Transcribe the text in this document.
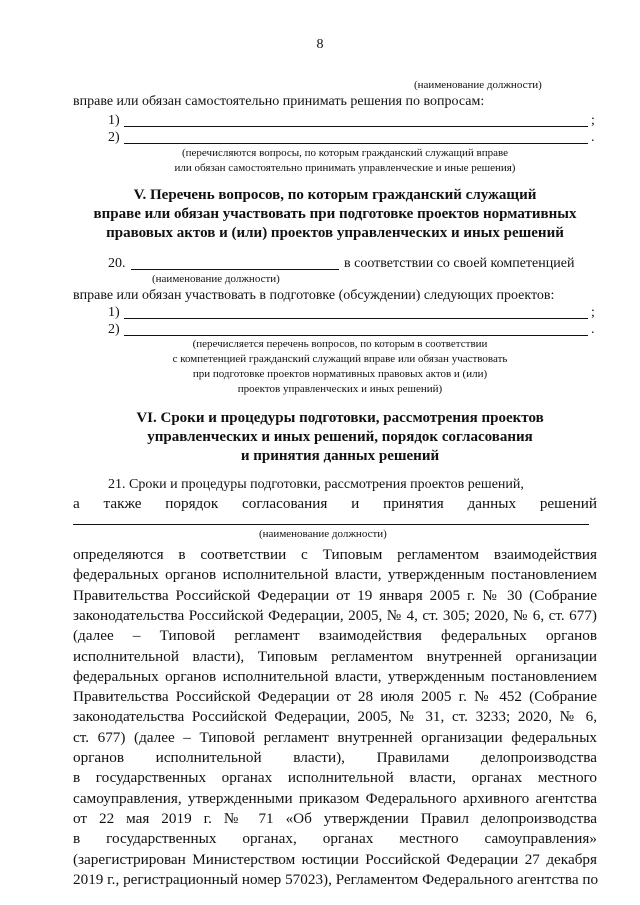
8
(наименование должности)
вправе или обязан самостоятельно принимать решения по вопросам:
1)	;
2)	.
(перечисляются вопросы, по которым гражданский служащий вправе
или обязан самостоятельно принимать управленческие и иные решения)
V. Перечень вопросов, по которым гражданский служащий
вправе или обязан участвовать при подготовке проектов нормативных
правовых актов и (или) проектов управленческих и иных решений
20.	в соответствии со своей компетенцией
(наименование должности)
вправе или обязан участвовать в подготовке (обсуждении) следующих проектов:
1)	;
2)	.
(перечисляется перечень вопросов, по которым в соответствии
с компетенцией гражданский служащий вправе или обязан участвовать
при подготовке проектов нормативных правовых актов и (или)
проектов управленческих и иных решений)
VI. Сроки и процедуры подготовки, рассмотрения проектов
управленческих и иных решений, порядок согласования
и принятия данных решений
21. Сроки и процедуры подготовки, рассмотрения проектов решений,
а также порядок согласования и принятия данных решений
(наименование должности)
определяются в соответствии с Типовым регламентом взаимодействия
федеральных органов исполнительной власти, утвержденным постановлением
Правительства Российской Федерации от 19 января 2005 г. № 30 (Собрание
законодательства Российской Федерации, 2005, № 4, ст. 305; 2020, № 6, ст. 677)
(далее – Типовой регламент взаимодействия федеральных органов
исполнительной власти), Типовым регламентом внутренней организации
федеральных органов исполнительной власти, утвержденным постановлением
Правительства Российской Федерации от 28 июля 2005 г. № 452 (Собрание
законодательства Российской Федерации, 2005, № 31, ст. 3233; 2020, № 6,
ст. 677) (далее – Типовой регламент внутренней организации федеральных
органов исполнительной власти), Правилами делопроизводства
в государственных органах исполнительной власти, органах местного
самоуправления, утвержденными приказом Федерального архивного агентства
от 22 мая 2019 г. № 71 «Об утверждении Правил делопроизводства
в государственных органах, органах местного самоуправления»
(зарегистрирован Министерством юстиции Российской Федерации 27 декабря
2019 г., регистрационный номер 57023), Регламентом Федерального агентства по
